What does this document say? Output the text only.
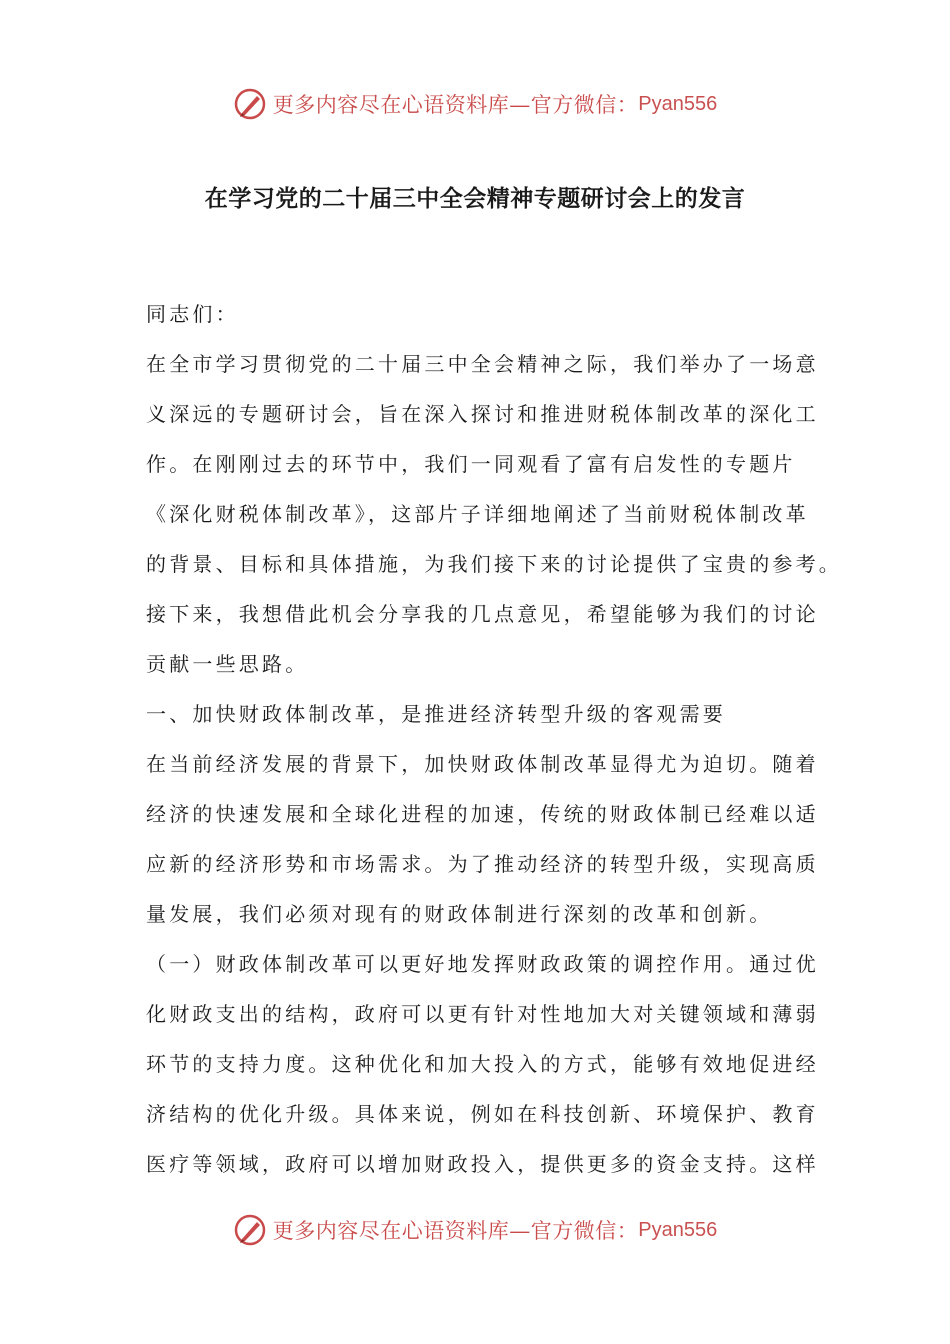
更多内容尽在心语资料库—官方微信： Pyan556
在学习党的二十届三中全会精神专题研讨会上的发言
同志们：
在全市学习贯彻党的二十届三中全会精神之际，我们举办了一场意
义深远的专题研讨会，旨在深入探讨和推进财税体制改革的深化工
作。在刚刚过去的环节中，我们一同观看了富有启发性的专题片
《深化财税体制改革》，这部片子详细地阐述了当前财税体制改革
的背景、目标和具体措施，为我们接下来的讨论提供了宝贵的参考。
接下来，我想借此机会分享我的几点意见，希望能够为我们的讨论
贡献一些思路。
一、加快财政体制改革，是推进经济转型升级的客观需要
在当前经济发展的背景下，加快财政体制改革显得尤为迫切。随着
经济的快速发展和全球化进程的加速，传统的财政体制已经难以适
应新的经济形势和市场需求。为了推动经济的转型升级，实现高质
量发展，我们必须对现有的财政体制进行深刻的改革和创新。
（一）财政体制改革可以更好地发挥财政政策的调控作用。通过优
化财政支出的结构，政府可以更有针对性地加大对关键领域和薄弱
环节的支持力度。这种优化和加大投入的方式，能够有效地促进经
济结构的优化升级。具体来说，例如在科技创新、环境保护、教育
医疗等领域，政府可以增加财政投入，提供更多的资金支持。这样
更多内容尽在心语资料库—官方微信： Pyan556
